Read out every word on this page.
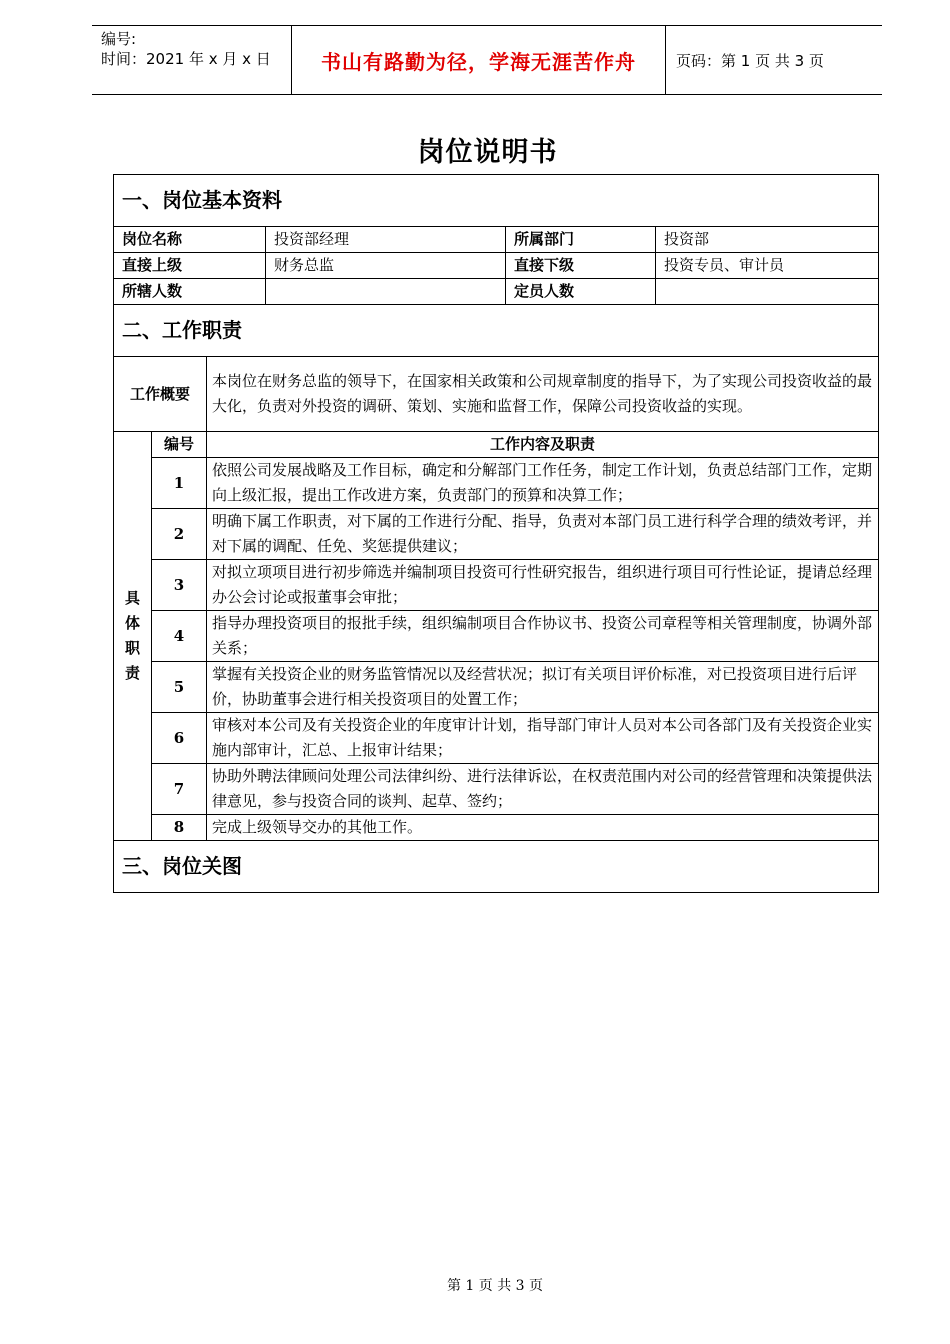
编号:
时间：2021 年 x 月 x 日	书山有路勤为径，学海无涯苦作舟	页码：第 1 页 共 3 页
岗位说明书
一、岗位基本资料					
岗位名称			投资部经理	所属部门	投资部
直接上级			财务总监	直接下级	投资专员、审计员
所辖人数				定员人数	
二、工作职责					
工作概要		本岗位在财务总监的领导下，在国家相关政策和公司规章制度的指导下，为了实现公司投资收益的最大化，负责对外投资的调研、策划、实施和监督工作，保障公司投资收益的实现。			

具
体
职
责	编号	工作内容及职责			
	1	依照公司发展战略及工作目标，确定和分解部门工作任务，制定工作计划，负责总结部门工作，定期向上级汇报，提出工作改进方案，负责部门的预算和决算工作；			
	2	明确下属工作职责，对下属的工作进行分配、指导，负责对本部门员工进行科学合理的绩效考评，并对下属的调配、任免、奖惩提供建议；			
	3	对拟立项项目进行初步筛选并编制项目投资可行性研究报告，组织进行项目可行性论证，提请总经理办公会讨论或报董事会审批；			
	4	指导办理投资项目的报批手续，组织编制项目合作协议书、投资公司章程等相关管理制度，协调外部关系；			
	5	掌握有关投资企业的财务监管情况以及经营状况；拟订有关项目评价标准，对已投资项目进行后评价，协助董事会进行相关投资项目的处置工作；			
	6	审核对本公司及有关投资企业的年度审计计划，指导部门审计人员对本公司各部门及有关投资企业实施内部审计，汇总、上报审计结果；			
	7	协助外聘法律顾问处理公司法律纠纷、进行法律诉讼，在权责范围内对公司的经营管理和决策提供法律意见，参与投资合同的谈判、起草、签约；			
	8	完成上级领导交办的其他工作。			
三、岗位关图					
第 1 页 共 3 页
